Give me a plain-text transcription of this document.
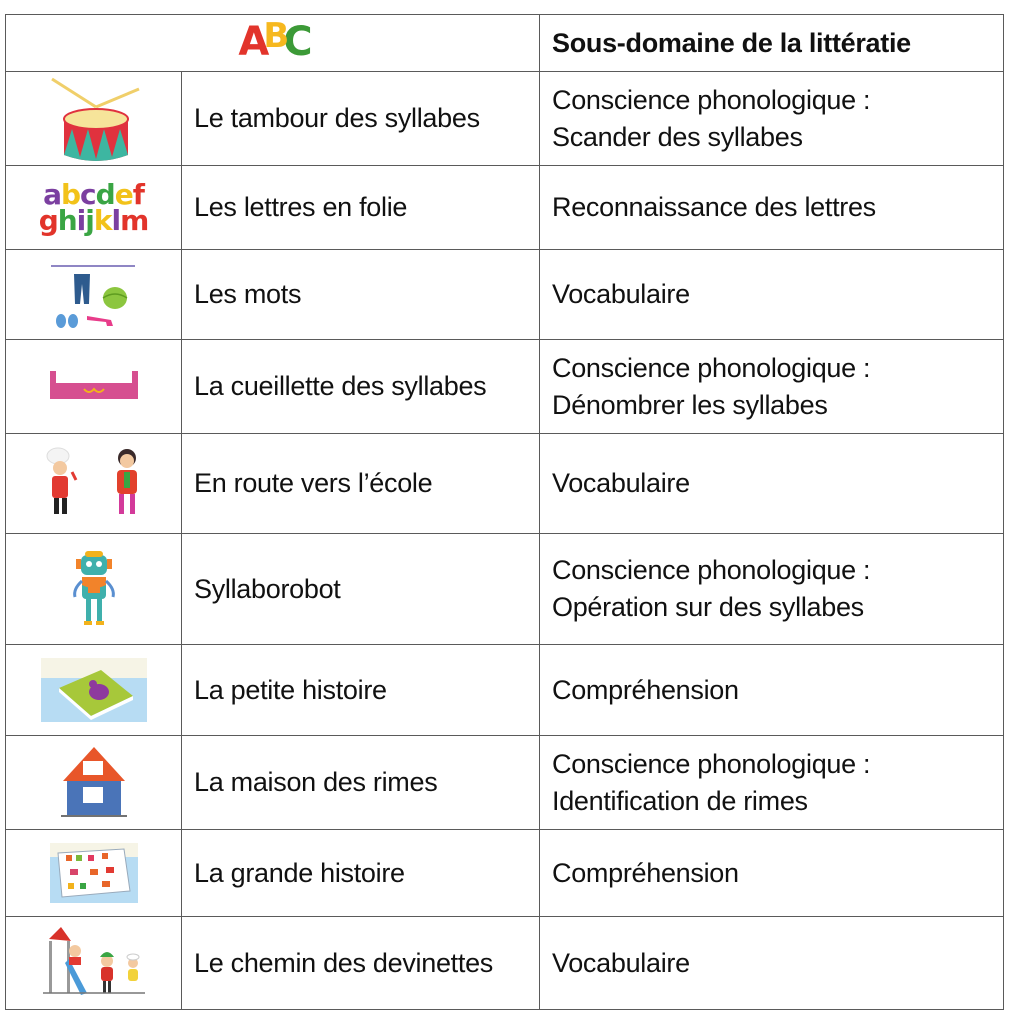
A B C		Sous-domaine de la littératie

	Le tambour des syllabes	Conscience phonologique :
Scander des syllabes

abcdef
ghijklm	Les lettres en folie	Reconnaissance des lettres

	Les mots	Vocabulaire

	La cueillette des syllabes	Conscience phonologique :
Dénombrer les syllabes

	En route vers l’école	Vocabulaire

	Syllaborobot	Conscience phonologique :
Opération sur des syllabes

	La petite histoire	Compréhension

	La maison des rimes	Conscience phonologique :
Identification de rimes

	La grande histoire	Compréhension

	Le chemin des devinettes	Vocabulaire
